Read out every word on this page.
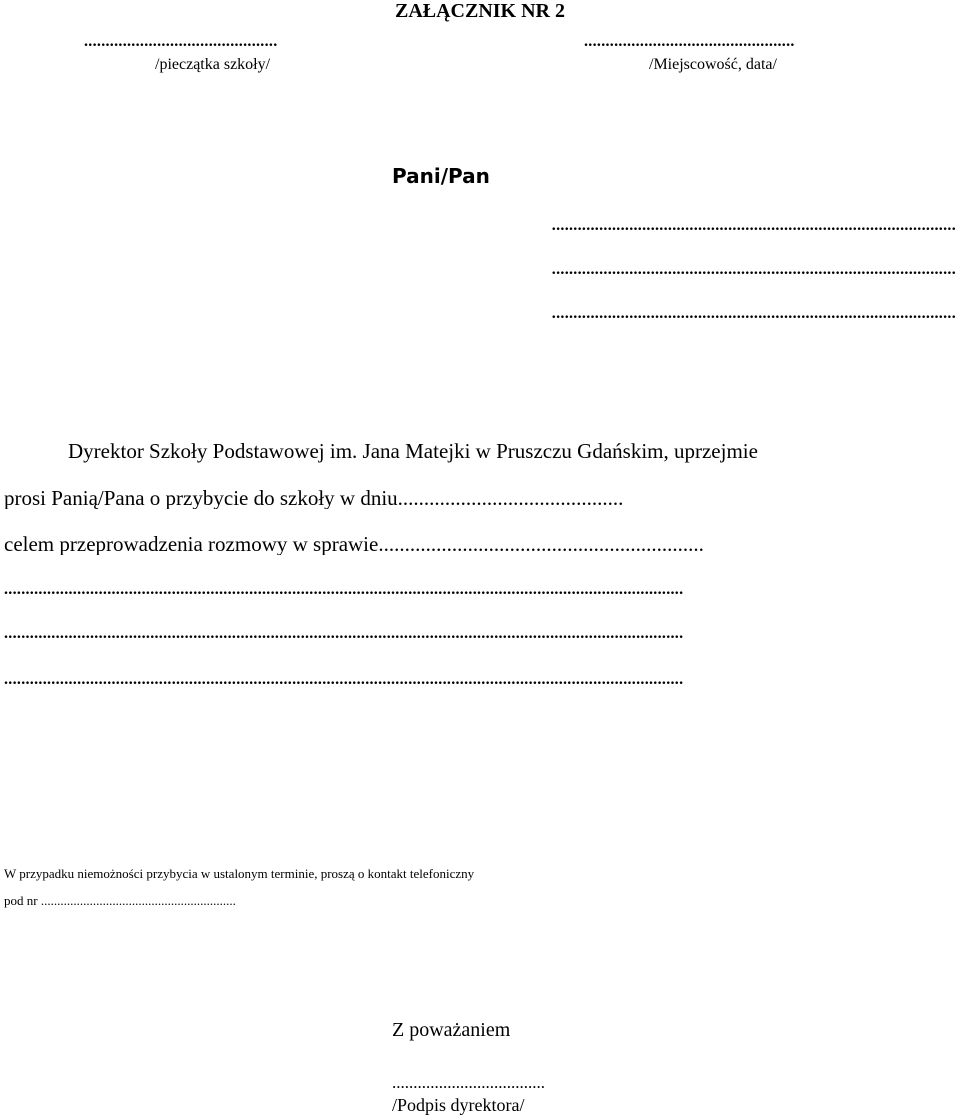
ZAŁĄCZNIK NR 2
.............................................
/pieczątka szkoły/
.................................................
/Miejscowość, data/
Pani/Pan
..............................................................................................
..............................................................................................
..............................................................................................
Dyrektor Szkoły Podstawowej im. Jana Matejki w Pruszczu Gdańskim, uprzejmie
prosi Panią/Pana o przybycie do szkoły w dniu...........................................
celem przeprowadzenia rozmowy w sprawie..............................................................
..............................................................................................................................................................
..............................................................................................................................................................
..............................................................................................................................................................
W przypadku niemożności przybycia w ustalonym terminie, proszą o kontakt telefoniczny
pod nr ............................................................
Z poważaniem
....................................
/Podpis dyrektora/
